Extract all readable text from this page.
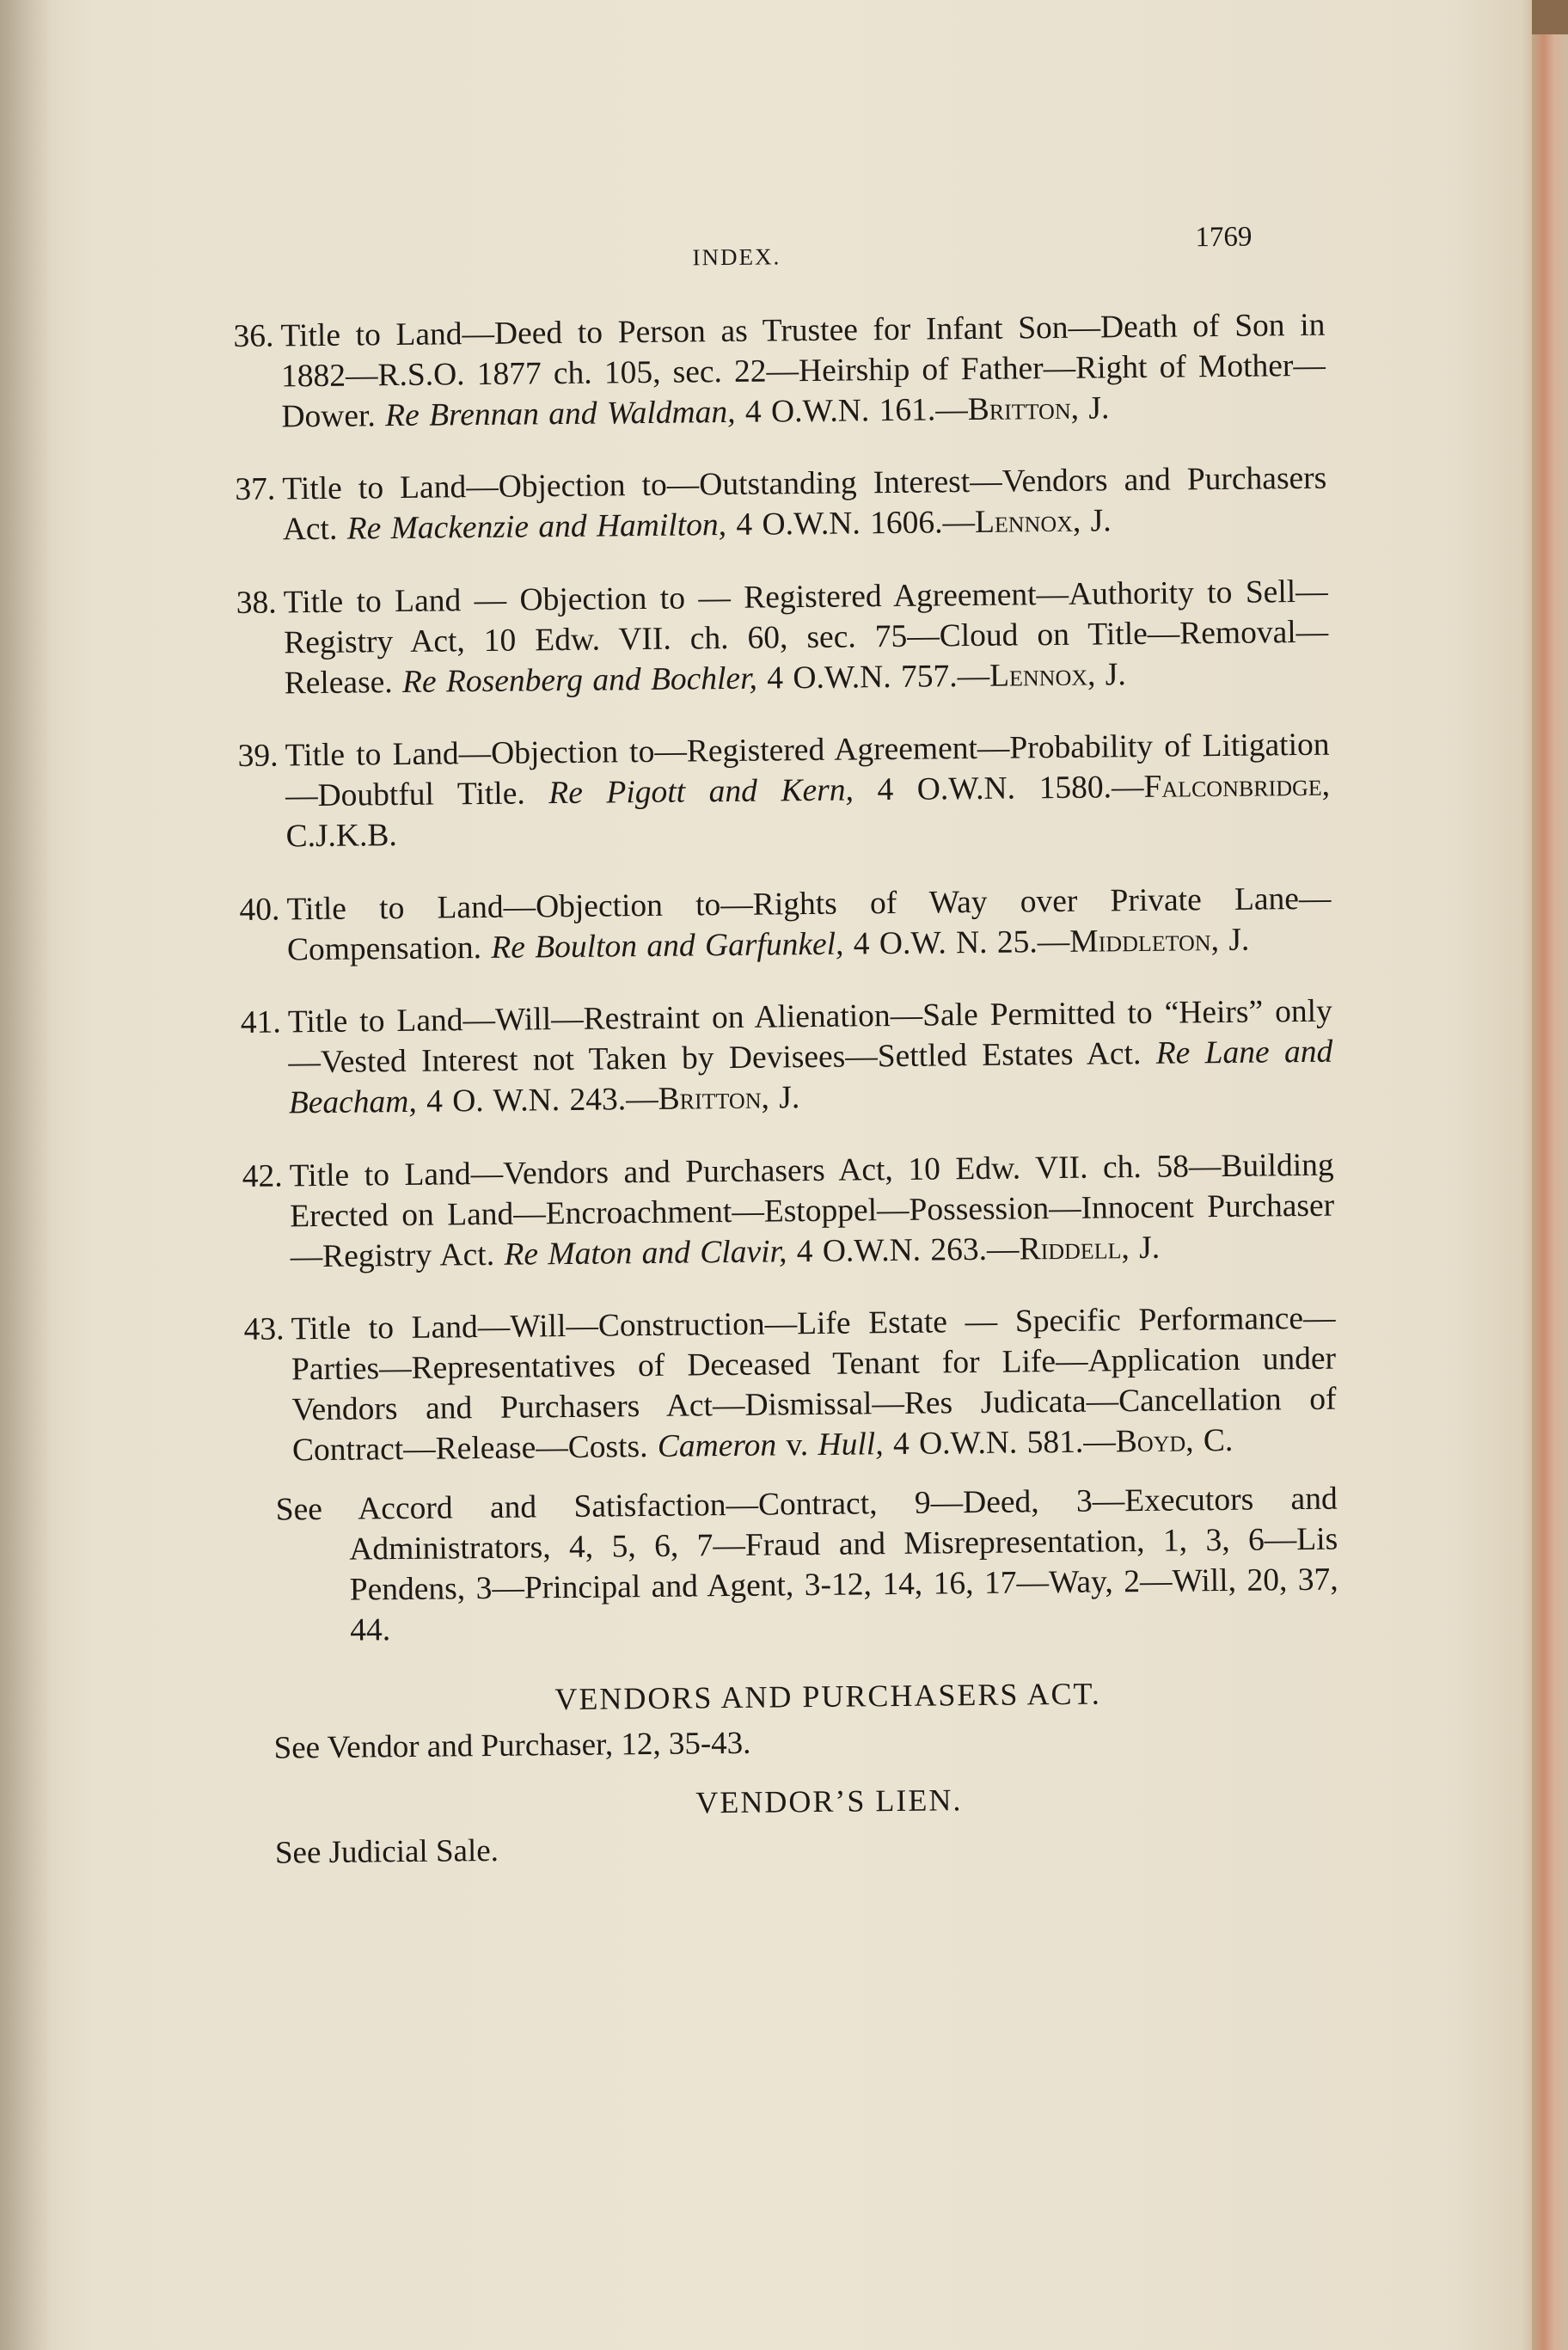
INDEX.
1769

36. Title to Land—Deed to Person as Trustee for Infant Son—Death of Son in 1882—R.S.O. 1877 ch. 105, sec. 22—Heirship of Father—Right of Mother—Dower. Re Brennan and Waldman, 4 O.W.N. 161.—Britton, J.

37. Title to Land—Objection to—Outstanding Interest—Vendors and Purchasers Act. Re Mackenzie and Hamilton, 4 O.W.N. 1606.—Lennox, J.

38. Title to Land — Objection to — Registered Agreement—Authority to Sell—Registry Act, 10 Edw. VII. ch. 60, sec. 75—Cloud on Title—Removal—Release. Re Rosenberg and Bochler, 4 O.W.N. 757.—Lennox, J.

39. Title to Land—Objection to—Registered Agreement—Probability of Litigation—Doubtful Title. Re Pigott and Kern, 4 O.W.N. 1580.—Falconbridge, C.J.K.B.

40. Title to Land—Objection to—Rights of Way over Private Lane—Compensation. Re Boulton and Garfunkel, 4 O.W. N. 25.—Middleton, J.

41. Title to Land—Will—Restraint on Alienation—Sale Permitted to “Heirs” only—Vested Interest not Taken by Devisees—Settled Estates Act. Re Lane and Beacham, 4 O. W.N. 243.—Britton, J.

42. Title to Land—Vendors and Purchasers Act, 10 Edw. VII. ch. 58—Building Erected on Land—Encroachment—Estoppel—Possession—Innocent Purchaser—Registry Act. Re Maton and Clavir, 4 O.W.N. 263.—Riddell, J.

43. Title to Land—Will—Construction—Life Estate — Specific Performance—Parties—Representatives of Deceased Tenant for Life—Application under Vendors and Purchasers Act—Dismissal—Res Judicata—Cancellation of Contract—Release—Costs. Cameron v. Hull, 4 O.W.N. 581.—Boyd, C.

See Accord and Satisfaction—Contract, 9—Deed, 3—Executors and Administrators, 4, 5, 6, 7—Fraud and Misrepresentation, 1, 3, 6—Lis Pendens, 3—Principal and Agent, 3-12, 14, 16, 17—Way, 2—Will, 20, 37, 44.

VENDORS AND PURCHASERS ACT.
See Vendor and Purchaser, 12, 35-43.
VENDOR’S LIEN.
See Judicial Sale.
